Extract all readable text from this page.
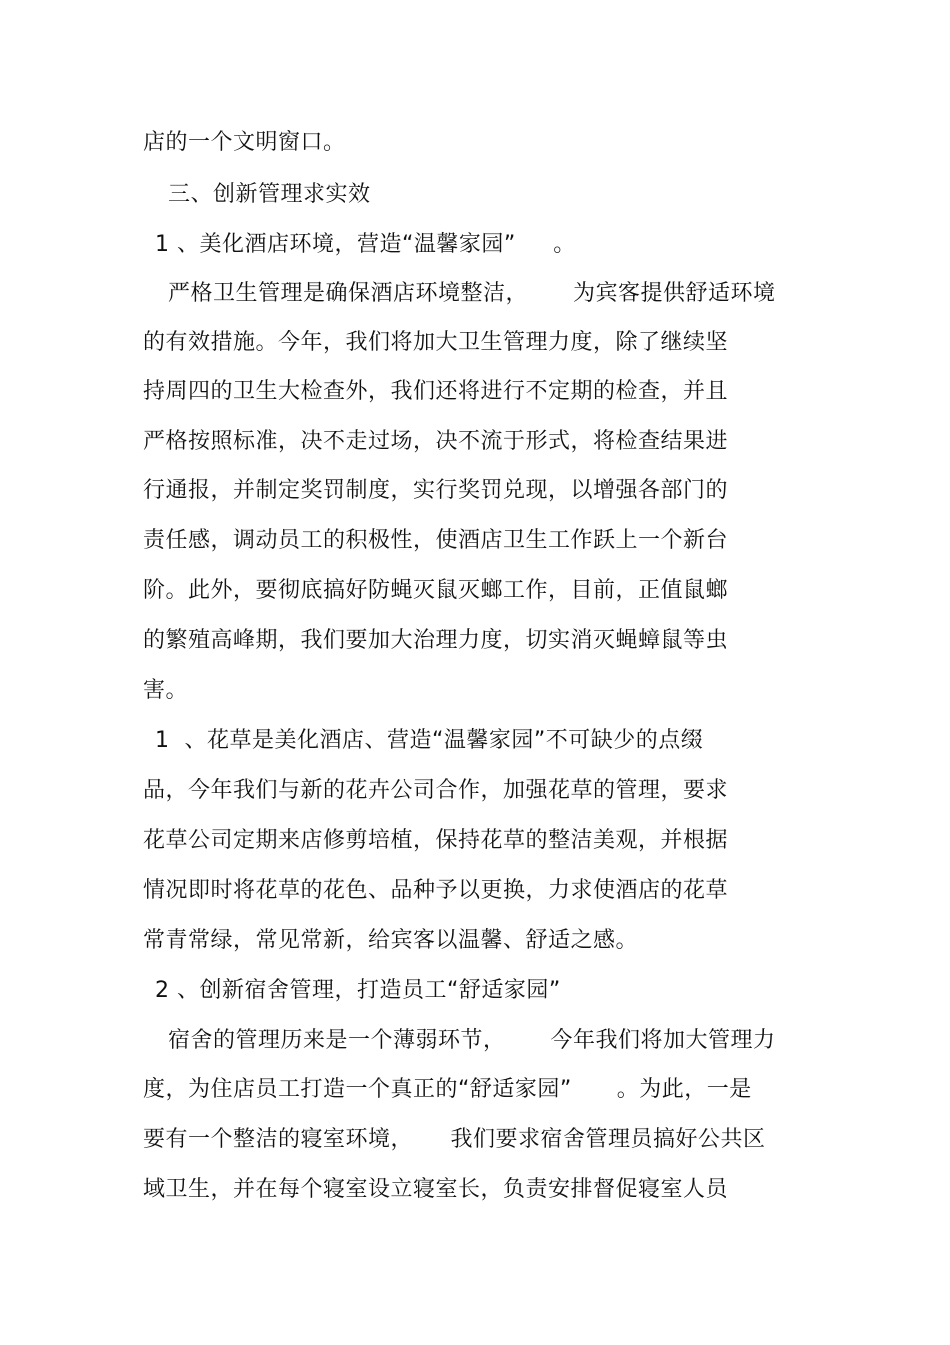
店的一个文明窗口。
三、创新管理求实效
1 、美化酒店环境，营造“温馨家园”     。
严格卫生管理是确保酒店环境整洁，      为宾客提供舒适环境
的有效措施。今年，我们将加大卫生管理力度，除了继续坚
持周四的卫生大检查外，我们还将进行不定期的检查，并且
严格按照标准，决不走过场，决不流于形式，将检查结果进
行通报，并制定奖罚制度，实行奖罚兑现，以增强各部门的
责任感，调动员工的积极性，使酒店卫生工作跃上一个新台
阶。此外，要彻底搞好防蝇灭鼠灭螂工作，目前，正值鼠螂
的繁殖高峰期，我们要加大治理力度，切实消灭蝇蟑鼠等虫
害。
1  、花草是美化酒店、营造“温馨家园”不可缺少的点缀
品，今年我们与新的花卉公司合作，加强花草的管理，要求
花草公司定期来店修剪培植，保持花草的整洁美观，并根据
情况即时将花草的花色、品种予以更换，力求使酒店的花草
常青常绿，常见常新，给宾客以温馨、舒适之感。
2 、创新宿舍管理，打造员工“舒适家园”
宿舍的管理历来是一个薄弱环节，      今年我们将加大管理力
度，为住店员工打造一个真正的“舒适家园”      。为此，一是
要有一个整洁的寝室环境，     我们要求宿舍管理员搞好公共区
域卫生，并在每个寝室设立寝室长，负责安排督促寝室人员
